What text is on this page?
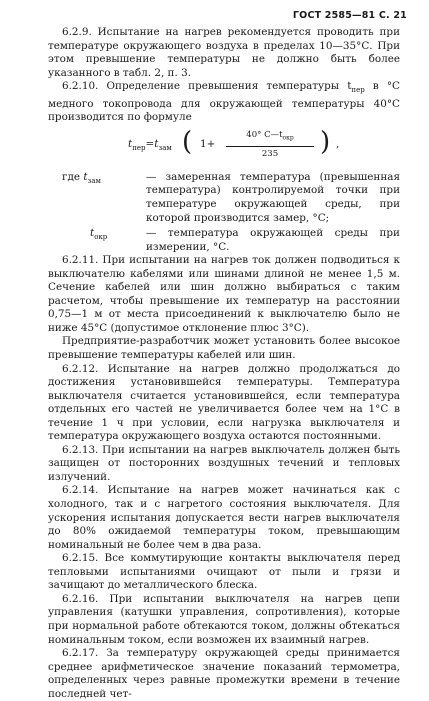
ГОСТ 2585—81 С. 21

6.2.9. Испытание на нагрев рекомендуется проводить при температуре окружающего воздуха в пределах 10—35°С. При этом превышение температуры не должно быть более указанного в табл. 2, п. 3.

6.2.10. Определение превышения температуры $t_{пер}$ в °С медного токопровода для окружающей температуры 40°С производится по формуле

$t_{пер}=t_{зам}$ ( 1+
40° $С—t_{окр}$
235	) ,
где $t_{зам}$	— замеренная температура (превышенная температура) контролируемой точки при температуре окружающей среды, при которой производится замер, °С;
$t_{окр}$	— температура окружающей среды при измерении, °С.

6.2.11. При испытании на нагрев ток должен подводиться к выключателю кабелями или шинами длиной не менее 1,5 м. Сечение кабелей или шин должно выбираться с таким расчетом, чтобы превышение их температур на расстоянии 0,75—1 м от места присоединений к выключателю было не ниже 45°С (допустимое отклонение плюс 3°С).

Предприятие-разработчик может установить более высокое превышение температуры кабелей или шин.

6.2.12. Испытание на нагрев должно продолжаться до достижения установившейся температуры. Температура выключателя считается установившейся, если температура отдельных его частей не увеличивается более чем на 1°С в течение 1 ч при условии, если нагрузка выключателя и температура окружающего воздуха остаются постоянными.

6.2.13. При испытании на нагрев выключатель должен быть защищен от посторонних воздушных течений и тепловых излучений.

6.2.14. Испытание на нагрев может начинаться как с холодного, так и с нагретого состояния выключателя. Для ускорения испытания допускается вести нагрев выключателя до 80% ожидаемой температуры током, превышающим номинальный не более чем в два раза.

6.2.15. Все коммутирующие контакты выключателя перед тепловыми испытаниями очищают от пыли и грязи и зачищают до металлического блеска.

6.2.16. При испытании выключателя на нагрев цепи управления (катушки управления, сопротивления), которые при нормальной работе обтекаются током, должны обтекаться номинальным током, если возможен их взаимный нагрев.

6.2.17. За температуру окружающей среды принимается среднее арифметическое значение показаний термометра, определенных через равные промежутки времени в течение последней чет-
